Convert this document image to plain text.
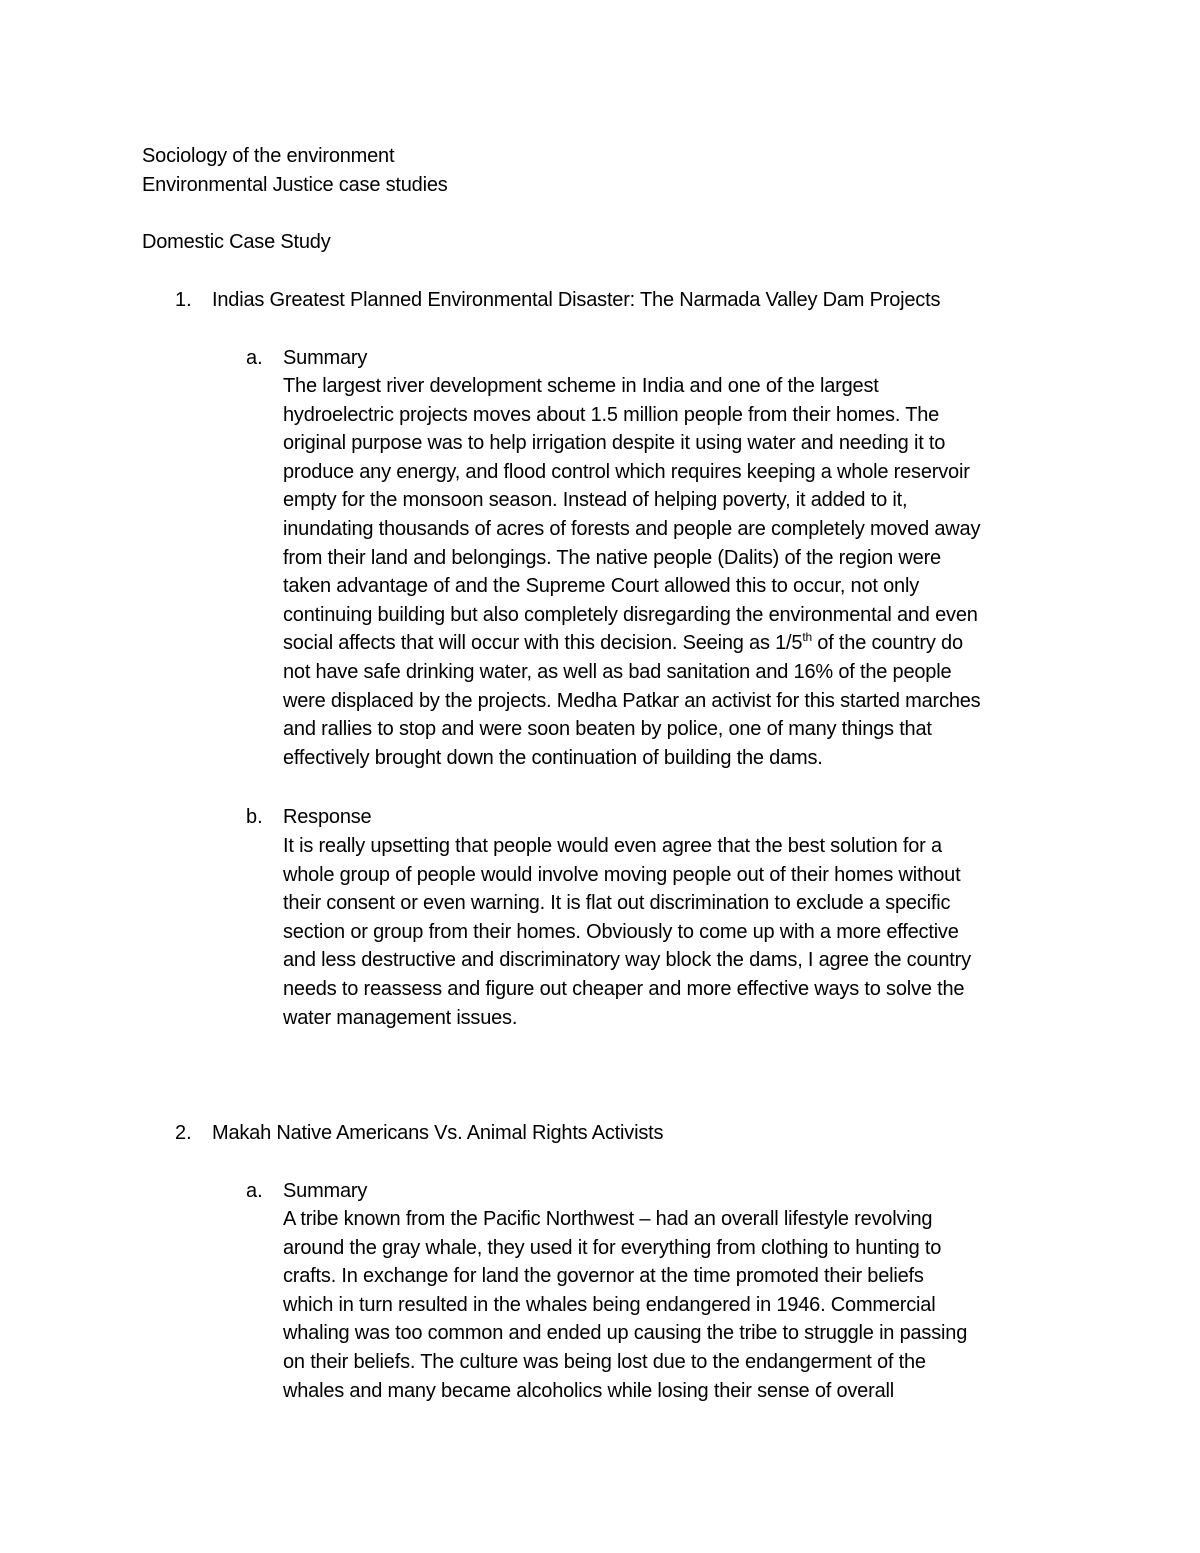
Sociology of the environment
Environmental Justice case studies
Domestic Case Study
1. Indias Greatest Planned Environmental Disaster: The Narmada Valley Dam Projects
a. Summary
The largest river development scheme in India and one of the largest
hydroelectric projects moves about 1.5 million people from their homes. The
original purpose was to help irrigation despite it using water and needing it to
produce any energy, and flood control which requires keeping a whole reservoir
empty for the monsoon season. Instead of helping poverty, it added to it,
inundating thousands of acres of forests and people are completely moved away
from their land and belongings. The native people (Dalits) of the region were
taken advantage of and the Supreme Court allowed this to occur, not only
continuing building but also completely disregarding the environmental and even
social affects that will occur with this decision. Seeing as 1/5th of the country do
not have safe drinking water, as well as bad sanitation and 16% of the people
were displaced by the projects. Medha Patkar an activist for this started marches
and rallies to stop and were soon beaten by police, one of many things that
effectively brought down the continuation of building the dams.
b. Response
It is really upsetting that people would even agree that the best solution for a
whole group of people would involve moving people out of their homes without
their consent or even warning. It is flat out discrimination to exclude a specific
section or group from their homes. Obviously to come up with a more effective
and less destructive and discriminatory way block the dams, I agree the country
needs to reassess and figure out cheaper and more effective ways to solve the
water management issues.
2. Makah Native Americans Vs. Animal Rights Activists
a. Summary
A tribe known from the Pacific Northwest – had an overall lifestyle revolving
around the gray whale, they used it for everything from clothing to hunting to
crafts. In exchange for land the governor at the time promoted their beliefs
which in turn resulted in the whales being endangered in 1946. Commercial
whaling was too common and ended up causing the tribe to struggle in passing
on their beliefs. The culture was being lost due to the endangerment of the
whales and many became alcoholics while losing their sense of overall
